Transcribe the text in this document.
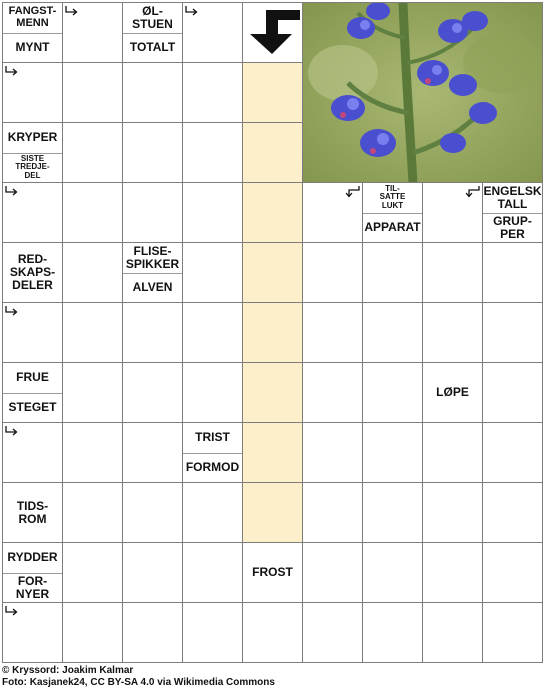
FANGST-
MENN
MYNT
ØL-
STUEN
TOTALT
KRYPER
SISTE
TREDJE-
DEL
TIL-
SATTE
LUKT
APPARAT
ENGELSK
TALL
GRUP-
PER
RED-
SKAPS-
DELER
FLISE-
SPIKKER
ALVEN
FRUE
STEGET
LØPE
TRIST
FORMOD
TIDS-
ROM
RYDDER
FOR-
NYER
FROST
© Kryssord: Joakim Kalmar
Foto: Kasjanek24, CC BY-SA 4.0 via Wikimedia Commons
